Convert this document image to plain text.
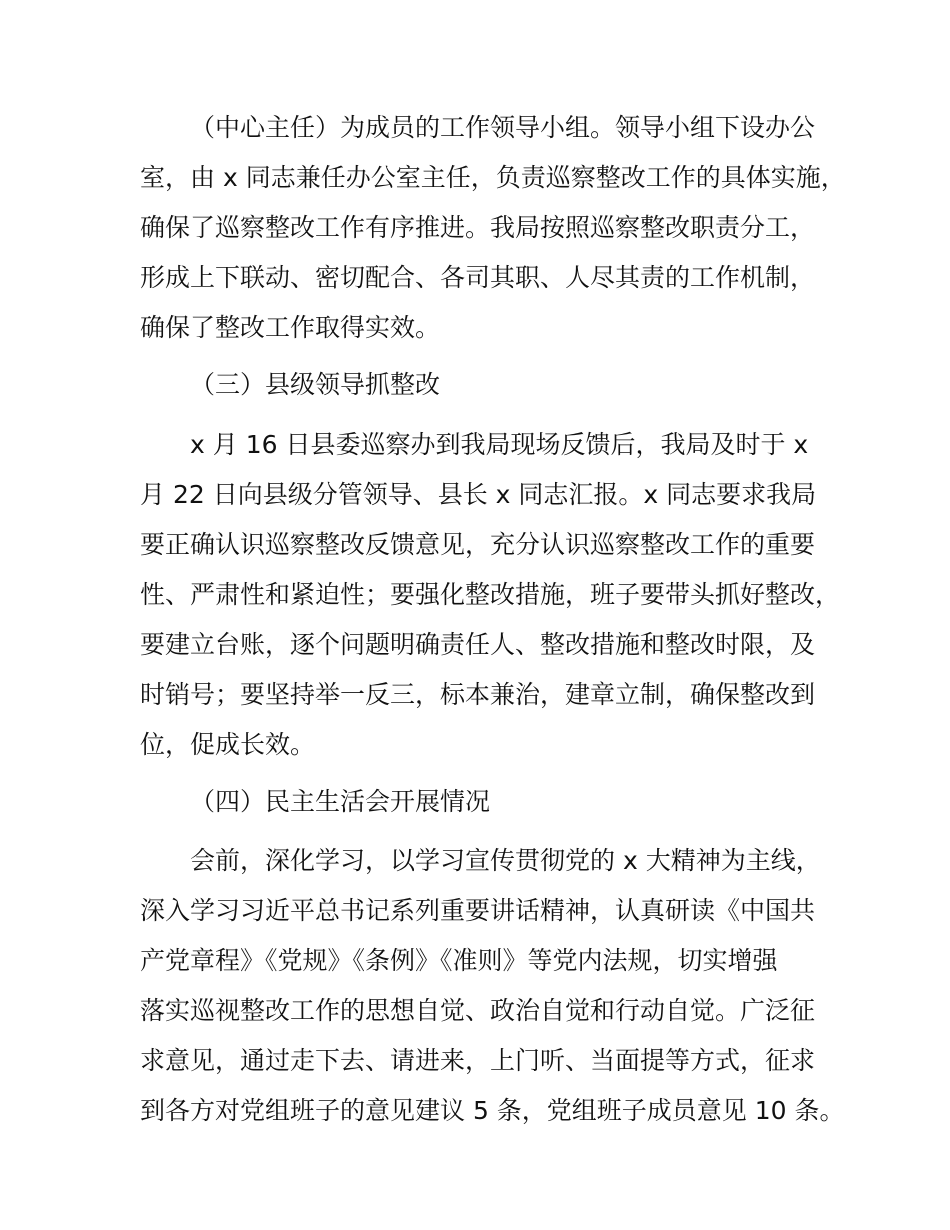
（中心主任）为成员的工作领导小组。领导小组下设办公
室，由 x 同志兼任办公室主任，负责巡察整改工作的具体实施，
确保了巡察整改工作有序推进。我局按照巡察整改职责分工，
形成上下联动、密切配合、各司其职、人尽其责的工作机制，
确保了整改工作取得实效。
（三）县级领导抓整改
x 月 16 日县委巡察办到我局现场反馈后，我局及时于 x
月 22 日向县级分管领导、县长 x 同志汇报。x 同志要求我局
要正确认识巡察整改反馈意见，充分认识巡察整改工作的重要
性、严肃性和紧迫性；要强化整改措施，班子要带头抓好整改，
要建立台账，逐个问题明确责任人、整改措施和整改时限，及
时销号；要坚持举一反三，标本兼治，建章立制，确保整改到
位，促成长效。
（四）民主生活会开展情况
会前，深化学习，以学习宣传贯彻党的 x 大精神为主线，
深入学习习近平总书记系列重要讲话精神，认真研读《中国共
产党章程》《党规》《条例》《准则》等党内法规，切实增强
落实巡视整改工作的思想自觉、政治自觉和行动自觉。广泛征
求意见，通过走下去、请进来，上门听、当面提等方式，征求
到各方对党组班子的意见建议 5 条，党组班子成员意见 10 条。
